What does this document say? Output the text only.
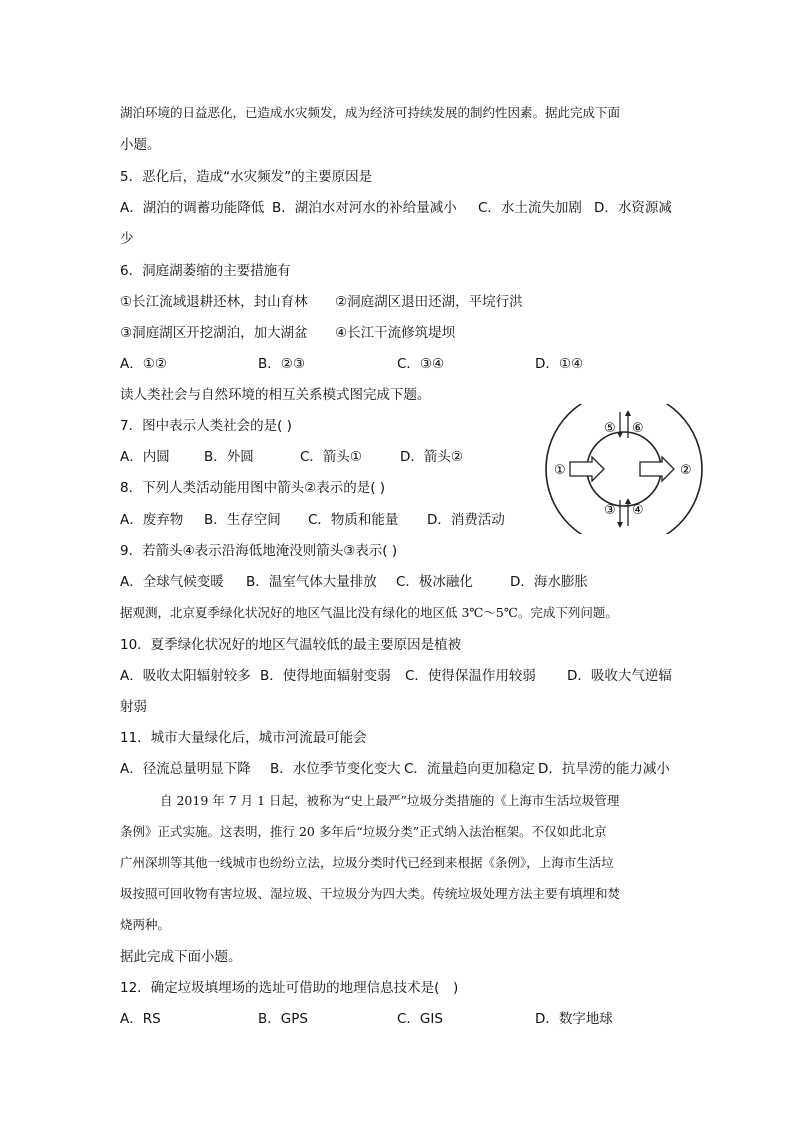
湖泊环境的日益恶化，已造成水灾频发，成为经济可持续发展的制约性因素。据此完成下面
小题。
5．恶化后，造成“水灾频发”的主要原因是
A．湖泊的调蓄功能降低 B．湖泊水对河水的补给量减小 C．水土流失加剧 D．水资源减
少
6．洞庭湖萎缩的主要措施有
①长江流域退耕还林，封山育林 ②洞庭湖区退田还湖，平垸行洪
③洞庭湖区开挖湖泊，加大湖盆 ④长江干流修筑堤坝
A．①②	B．②③	C．③④	D．①④
读人类社会与自然环境的相互关系模式图完成下题。
7．图中表示人类社会的是( )
A．内圆	B．外圆	C．箭头①	D．箭头②
8．下列人类活动能用图中箭头②表示的是( )
A．废弃物 B．生存空间 C．物质和能量 D．消费活动
9．若箭头④表示沿海低地淹没则箭头③表示( )
A．全球气候变暖 B．温室气体大量排放 C．极冰融化	D．海水膨胀
据观测，北京夏季绿化状况好的地区气温比没有绿化的地区低 3℃～5℃。完成下列问题。
10．夏季绿化状况好的地区气温较低的最主要原因是植被
A．吸收太阳辐射较多 B．使得地面辐射变弱 C．使得保温作用较弱 D．吸收大气逆辐
射弱
11．城市大量绿化后，城市河流最可能会
A．径流总量明显下降 B．水位季节变化变大 C．流量趋向更加稳定 D．抗旱涝的能力减小
自 2019 年 7 月 1 日起，被称为“史上最严”垃圾分类措施的《上海市生活垃圾管理
条例》正式实施。这表明，推行 20 多年后“垃圾分类”正式纳入法治框架。不仅如此北京
广州深圳等其他一线城市也纷纷立法，垃圾分类时代已经到来根据《条例》，上海市生活垃
圾按照可回收物有害垃圾、湿垃圾、干垃圾分为四大类。传统垃圾处理方法主要有填埋和焚
烧两种。
据此完成下面小题。
12．确定垃圾填埋场的选址可借助的地理信息技术是(　)
A．RS	B．GPS	C．GIS	D．数字地球
①	②
③ ④
⑤ ⑥
